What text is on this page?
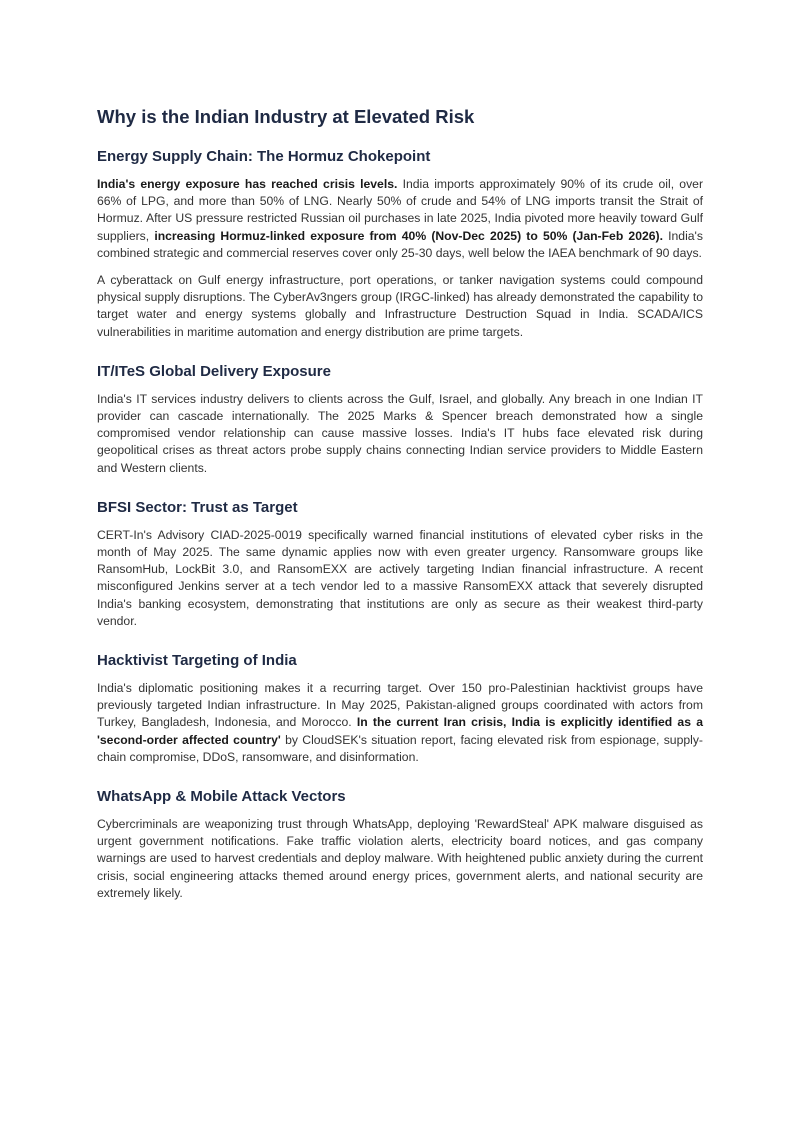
Why is the Indian Industry at Elevated Risk
Energy Supply Chain: The Hormuz Chokepoint

India's energy exposure has reached crisis levels. India imports approximately 90% of its crude oil, over 66% of LPG, and more than 50% of LNG. Nearly 50% of crude and 54% of LNG imports transit the Strait of Hormuz. After US pressure restricted Russian oil purchases in late 2025, India pivoted more heavily toward Gulf suppliers, increasing Hormuz-linked exposure from 40% (Nov-Dec 2025) to 50% (Jan-Feb 2026). India's combined strategic and commercial reserves cover only 25-30 days, well below the IAEA benchmark of 90 days.

A cyberattack on Gulf energy infrastructure, port operations, or tanker navigation systems could compound physical supply disruptions. The CyberAv3ngers group (IRGC-linked) has already demonstrated the capability to target water and energy systems globally and Infrastructure Destruction Squad in India. SCADA/ICS vulnerabilities in maritime automation and energy distribution are prime targets.

IT/ITeS Global Delivery Exposure

India's IT services industry delivers to clients across the Gulf, Israel, and globally. Any breach in one Indian IT provider can cascade internationally. The 2025 Marks & Spencer breach demonstrated how a single compromised vendor relationship can cause massive losses. India's IT hubs face elevated risk during geopolitical crises as threat actors probe supply chains connecting Indian service providers to Middle Eastern and Western clients.

BFSI Sector: Trust as Target

CERT-In's Advisory CIAD-2025-0019 specifically warned financial institutions of elevated cyber risks in the month of May 2025. The same dynamic applies now with even greater urgency. Ransomware groups like RansomHub, LockBit 3.0, and RansomEXX are actively targeting Indian financial infrastructure. A recent misconfigured Jenkins server at a tech vendor led to a massive RansomEXX attack that severely disrupted India's banking ecosystem, demonstrating that institutions are only as secure as their weakest third-party vendor.

Hacktivist Targeting of India

India's diplomatic positioning makes it a recurring target. Over 150 pro-Palestinian hacktivist groups have previously targeted Indian infrastructure. In May 2025, Pakistan-aligned groups coordinated with actors from Turkey, Bangladesh, Indonesia, and Morocco. In the current Iran crisis, India is explicitly identified as a 'second-order affected country' by CloudSEK's situation report, facing elevated risk from espionage, supply-chain compromise, DDoS, ransomware, and disinformation.

WhatsApp & Mobile Attack Vectors

Cybercriminals are weaponizing trust through WhatsApp, deploying 'RewardSteal' APK malware disguised as urgent government notifications. Fake traffic violation alerts, electricity board notices, and gas company warnings are used to harvest credentials and deploy malware. With heightened public anxiety during the current crisis, social engineering attacks themed around energy prices, government alerts, and national security are extremely likely.
